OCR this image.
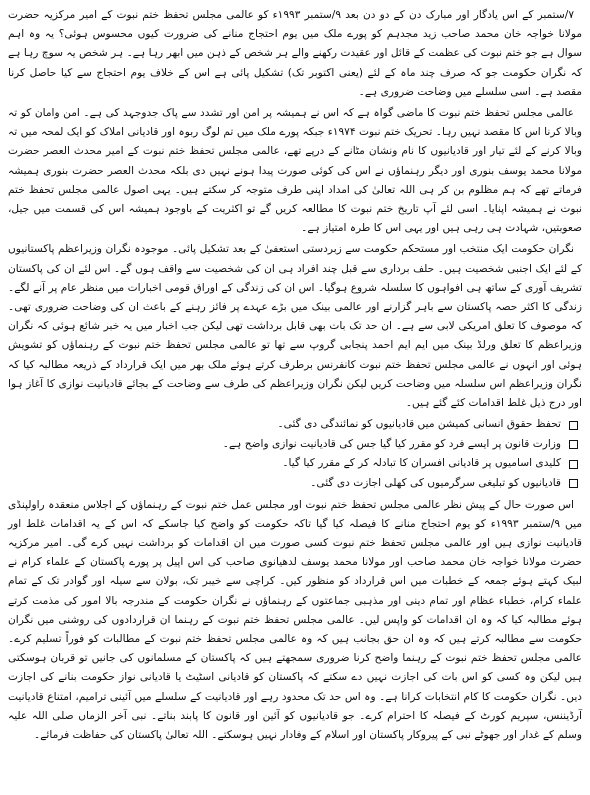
۷/ستمبر کے اس یادگار اور مبارک دن کے دو دن بعد ۹/ستمبر ۱۹۹۳ء کو عالمی مجلس تحفظ ختم نبوت کے امیر مرکزیہ حضرت مولانا خواجہ خان محمد صاحب زید مجدہم کو پورے ملک میں یوم احتجاج منانے کی ضرورت کیوں محسوس ہوئی؟ یہ وہ اہم سوال ہے جو ختم نبوت کی عظمت کے قائل اور عقیدت رکھنے والے ہر شخص کے ذہن میں ابھر رہا ہے۔ ہر شخص یہ سوچ رہا ہے کہ نگران حکومت جو کہ صرف چند ماہ کے لئے (یعنی اکتوبر تک) تشکیل پائی ہے اس کے خلاف یوم احتجاج سے کیا حاصل کرنا مقصد ہے۔ اسی سلسلے میں وضاحت ضروری ہے۔

عالمی مجلس تحفظ ختم نبوت کا ماضی گواہ ہے کہ اس نے ہمیشہ پر امن اور تشدد سے پاک جدوجہد کی ہے۔ امن وامان کو تہ وبالا کرنا اس کا مقصد نہیں رہا۔ تحریک ختم نبوت ۱۹۷۴ء جبکہ پورے ملک میں تم لوگ ربوہ اور قادیانی املاک کو ایک لمحہ میں تہ وبالا کرنے کے لئے تیار اور قادیانیوں کا نام ونشان مٹانے کے درپے تھے، عالمی مجلس تحفظ ختم نبوت کے امیر محدث العصر حضرت مولانا محمد یوسف بنوری اور دیگر رہنماؤں نے اس کی کوئی صورت پیدا ہونے نہیں دی بلکہ محدث العصر حضرت بنوری ہمیشہ فرماتے تھے کہ ہم مظلوم بن کر ہی اللہ تعالیٰ کی امداد اپنی طرف متوجہ کر سکتے ہیں۔ یہی اصول عالمی مجلس تحفظ ختم نبوت نے ہمیشہ اپنایا۔ اسی لئے آپ تاریخ ختم نبوت کا مطالعہ کریں گے تو اکثریت کے باوجود ہمیشہ اس کی قسمت میں جیل، صعوبتیں، شہادت ہی رہی ہیں اور یہی اس کا طرہ امتیاز ہے۔

نگران حکومت ایک منتخب اور مستحکم حکومت سے زبردستی استعفیٰ کے بعد تشکیل پائی۔ موجودہ نگران وزیراعظم پاکستانیوں کے لئے ایک اجنبی شخصیت ہیں۔ حلف برداری سے قبل چند افراد ہی ان کی شخصیت سے واقف ہوں گے۔ اس لئے ان کی پاکستان تشریف آوری کے ساتھ ہی افواہوں کا سلسلہ شروع ہوگیا۔ اس ان کی زندگی کے اوراق قومی اخبارات میں منظر عام پر آنے لگے۔ زندگی کا اکثر حصہ پاکستان سے باہر گزارنے اور عالمی بینک میں بڑے عہدے پر فائز رہنے کے باعث ان کی وضاحت ضروری تھی۔ کہ موصوف کا تعلق امریکی لابی سے ہے۔ ان حد تک بات بھی قابل برداشت تھی لیکن جب اخبار میں یہ خبر شائع ہوئی کہ نگران وزیراعظم کا تعلق ورلڈ بینک میں ایم ایم احمد پنجابی گروپ سے تھا تو عالمی مجلس تحفظ ختم نبوت کے رہنماؤں کو تشویش ہوئی اور انہوں نے عالمی مجلس تحفظ ختم نبوت کانفرنس برطرف کرتے ہوئے ملک بھر میں ایک قرارداد کے ذریعہ مطالبہ کیا کہ نگران وزیراعظم اس سلسلہ میں وضاحت کریں لیکن نگران وزیراعظم کی طرف سے وضاحت کے بجائے قادیانیت نوازی کا آغاز ہوا اور درج ذیل غلط اقدامات کئے گئے ہیں۔

تحفظ حقوق انسانی کمیشن میں قادیانیوں کو نمائندگی دی گئی۔
وزارت قانون پر ایسے فرد کو مقرر کیا گیا جس کی قادیانیت نوازی واضح ہے۔
کلیدی اسامیوں پر قادیانی افسران کا تبادلہ کر کے مقرر کیا گیا۔
قادیانیوں کو تبلیغی سرگرمیوں کی کھلی اجازت دی گئی۔

اس صورت حال کے پیش نظر عالمی مجلس تحفظ ختم نبوت اور مجلس عمل ختم نبوت کے رہنماؤں کے اجلاس منعقدہ راولپنڈی میں ۹/ستمبر ۱۹۹۳ء کو یوم احتجاج منانے کا فیصلہ کیا گیا تاکہ حکومت کو واضح کیا جاسکے کہ اس کے یہ اقدامات غلط اور قادیانیت نوازی ہیں اور عالمی مجلس تحفظ ختم نبوت کسی صورت میں ان اقدامات کو برداشت نہیں کرے گی۔ امیر مرکزیہ حضرت مولانا خواجہ خان محمد صاحب اور مولانا محمد یوسف لدھیانوی صاحب کی اس اپیل پر پورے پاکستان کے علماء کرام نے لبیک کہتے ہوئے جمعہ کے خطبات میں اس قرارداد کو منظور کیں۔ کراچی سے خیبر تک، بولان سے سیلہ اور گوادر تک کے تمام علماء کرام، خطباء عظام اور تمام دینی اور مذہبی جماعتوں کے رہنماؤں نے نگران حکومت کے مندرجہ بالا امور کی مذمت کرتے ہوئے مطالبہ کیا کہ وہ ان اقدامات کو واپس لیں۔ عالمی مجلس تحفظ ختم نبوت کے رہنما ان قراردادوں کی روشنی میں نگران حکومت سے مطالبہ کرتے ہیں کہ وہ ان حق بجانب ہیں کہ وہ عالمی مجلس تحفظ ختم نبوت کے مطالبات کو فوراً تسلیم کرے۔ عالمی مجلس تحفظ ختم نبوت کے رہنما واضح کرنا ضروری سمجھتے ہیں کہ پاکستان کے مسلمانوں کی جانیں تو قربان ہوسکتی ہیں لیکن وہ کسی کو اس بات کی اجازت نہیں دے سکتے کہ پاکستان کو قادیانی اسٹیٹ یا قادیانی نواز حکومت بنانے کی اجازت دیں۔ نگران حکومت کا کام انتخابات کرانا ہے۔ وہ اس حد تک محدود رہے اور قادیانیت کے سلسلے میں آئینی ترامیم، امتناع قادیانیت آرڈیننس، سپریم کورٹ کے فیصلہ کا احترام کرے۔ جو قادیانیوں کو آئین اور قانون کا پابند بناتے۔ نبی آخر الزماں صلی اللہ علیہ وسلم کے غدار اور جھوٹے نبی کے پیروکار پاکستان اور اسلام کے وفادار نہیں ہوسکتے۔ اللہ تعالیٰ پاکستان کی حفاظت فرمائے۔
